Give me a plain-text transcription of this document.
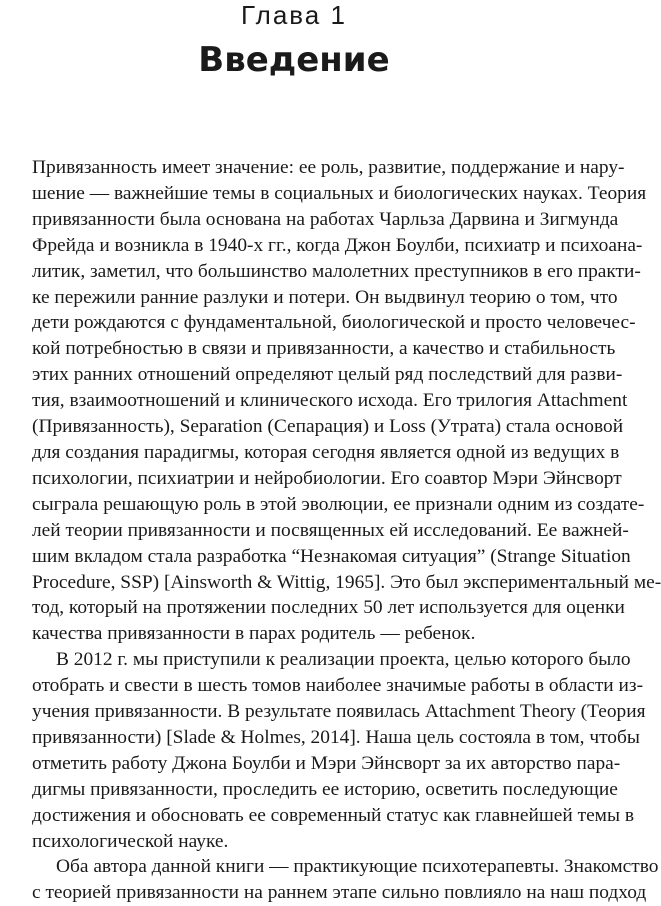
Глава 1
Введение

Привязанность имеет значение: ее роль, развитие, поддержание и нару-
шение — важнейшие темы в социальных и биологических науках. Теория
привязанности была основана на работах Чарльза Дарвина и Зигмунда
Фрейда и возникла в 1940-х гг., когда Джон Боулби, психиатр и психоана-
литик, заметил, что большинство малолетних преступников в его практи-
ке пережили ранние разлуки и потери. Он выдвинул теорию о том, что
дети рождаются с фундаментальной, биологической и просто человечес-
кой потребностью в связи и привязанности, а качество и стабильность
этих ранних отношений определяют целый ряд последствий для разви-
тия, взаимоотношений и клинического исхода. Его трилогия Attachment
(Привязанность), Separation (Сепарация) и Loss (Утрата) стала основой
для создания парадигмы, которая сегодня является одной из ведущих в
психологии, психиатрии и нейробиологии. Его соавтор Мэри Эйнсворт
сыграла решающую роль в этой эволюции, ее признали одним из создате-
лей теории привязанности и посвященных ей исследований. Ее важней-
шим вкладом стала разработка “Незнакомая ситуация” (Strange Situation
Procedure, SSP) [Ainsworth & Wittig, 1965]. Это был экспериментальный ме-
тод, который на протяжении последних 50 лет используется для оценки
качества привязанности в парах родитель — ребенок.

В 2012 г. мы приступили к реализации проекта, целью которого было
отобрать и свести в шесть томов наиболее значимые работы в области из-
учения привязанности. В результате появилась Attachment Theory (Теория
привязанности) [Slade & Holmes, 2014]. Наша цель состояла в том, чтобы
отметить работу Джона Боулби и Мэри Эйнсворт за их авторство пара-
дигмы привязанности, проследить ее историю, осветить последующие
достижения и обосновать ее современный статус как главнейшей темы в
психологической науке.

Оба автора данной книги — практикующие психотерапевты. Знакомство
с теорией привязанности на раннем этапе сильно повлияло на наш подход
